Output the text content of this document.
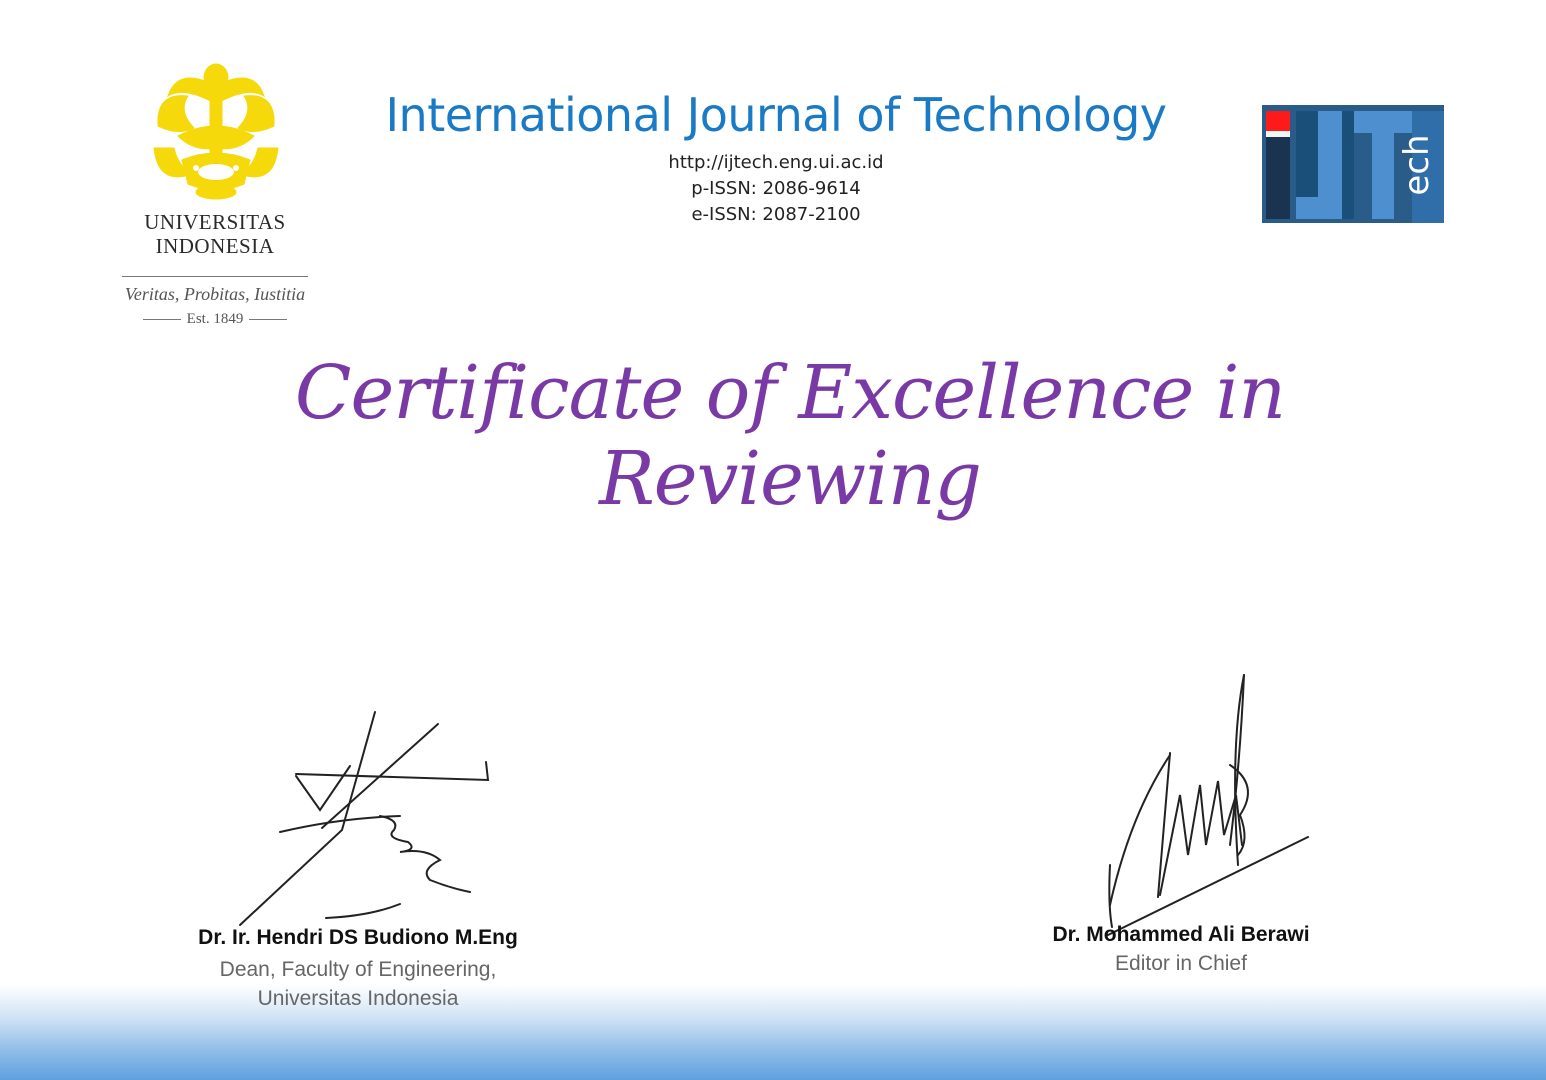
UNIVERSITAS
INDONESIA
Veritas, Probitas, Iustitia
Est. 1849
International Journal of Technology
http://ijtech.eng.ui.ac.id
p-ISSN: 2086-9614
e-ISSN: 2087-2100
ech
Certificate of Excellence in Reviewing
Dr. Ir. Hendri DS Budiono M.Eng
Dean, Faculty of Engineering,
Universitas Indonesia
Dr. Mohammed Ali Berawi
Editor in Chief
